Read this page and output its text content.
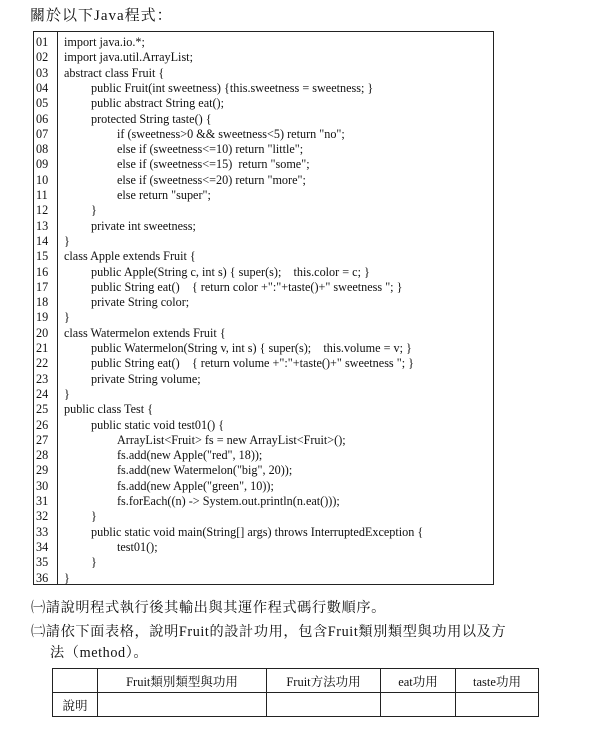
關於以下Java程式：
01	import java.io.*;
02	import java.util.ArrayList;
03	abstract class Fruit {
04	public Fruit(int sweetness) {this.sweetness = sweetness; }
05	public abstract String eat();
06	protected String taste() {
07	if (sweetness>0 && sweetness<5) return "no";
08	else if (sweetness<=10) return "little";
09	else if (sweetness<=15)  return "some";
10	else if (sweetness<=20) return "more";
11	else return "super";
12	}
13	private int sweetness;
14	}
15	class Apple extends Fruit {
16	public Apple(String c, int s) { super(s);    this.color = c; }
17	public String eat()    { return color +":"+taste()+" sweetness "; }
18	private String color;
19	}
20	class Watermelon extends Fruit {
21	public Watermelon(String v, int s) { super(s);    this.volume = v; }
22	public String eat()    { return volume +":"+taste()+" sweetness "; }
23	private String volume;
24	}
25	public class Test {
26	public static void test01() {
27	ArrayList<Fruit> fs = new ArrayList<Fruit>();
28	fs.add(new Apple("red", 18));
29	fs.add(new Watermelon("big", 20));
30	fs.add(new Apple("green", 10));
31	fs.forEach((n) -> System.out.println(n.eat()));
32	}
33	public static void main(String[] args) throws InterruptedException {
34	test01();
35	}
36	}
㈠請說明程式執行後其輸出與其運作程式碼行數順序。
㈡請依下面表格，說明Fruit的設計功用，包含Fruit類別類型與功用以及方
法（method）。
	Fruit類別類型與功用	Fruit方法功用	eat功用	taste功用
說明				
